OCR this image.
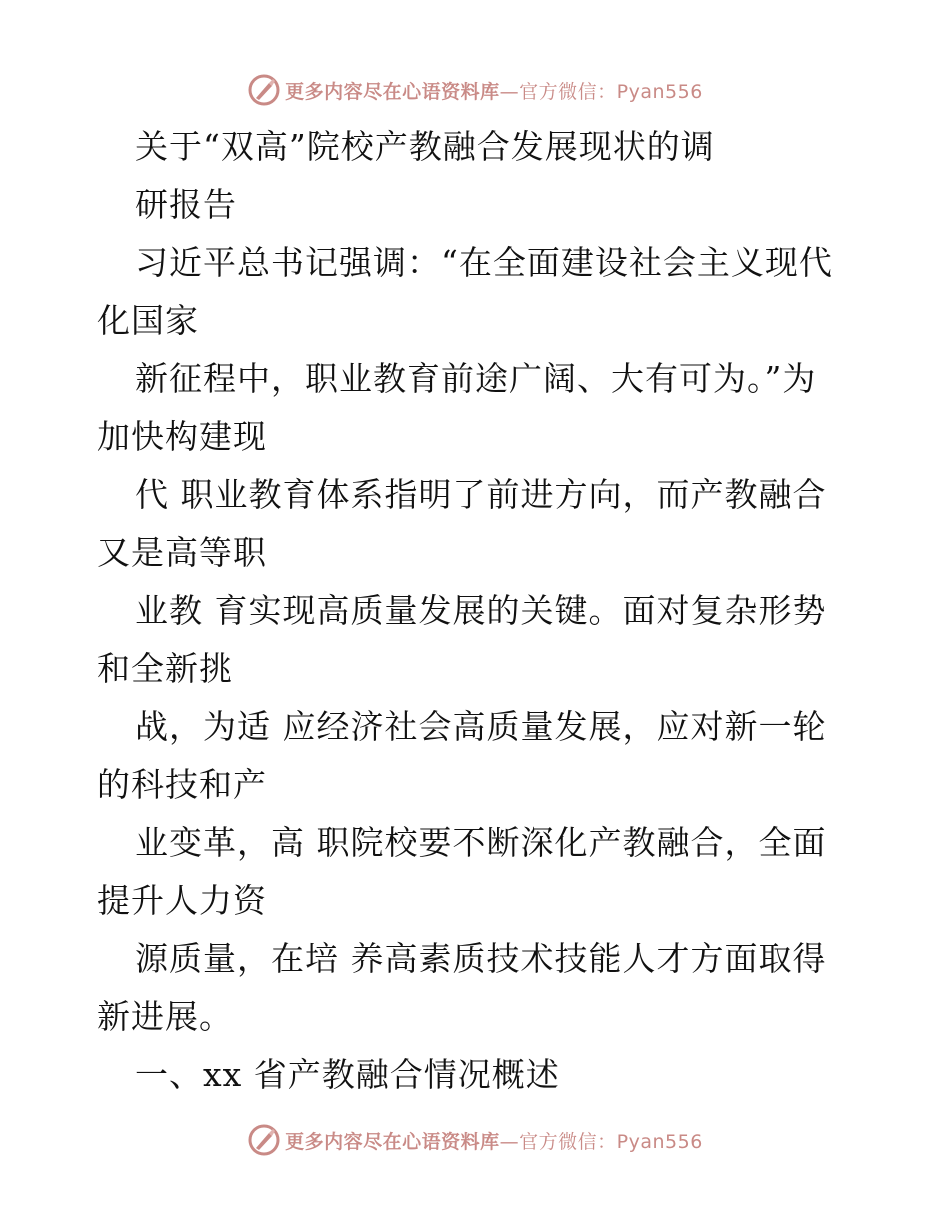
更多内容尽在心语资料库—官方微信：Pyan556
关于“双高”院校产教融合发展现状的调
研报告
习近平总书记强调：“在全面建设社会主义现代
化国家
新征程中，职业教育前途广阔、大有可为。”为
加快构建现
代 职业教育体系指明了前进方向，而产教融合
又是高等职
业教 育实现高质量发展的关键。面对复杂形势
和全新挑
战，为适 应经济社会高质量发展，应对新一轮
的科技和产
业变革，高 职院校要不断深化产教融合，全面
提升人力资
源质量，在培 养高素质技术技能人才方面取得
新进展。
一、xx 省产教融合情况概述
更多内容尽在心语资料库—官方微信：Pyan556
